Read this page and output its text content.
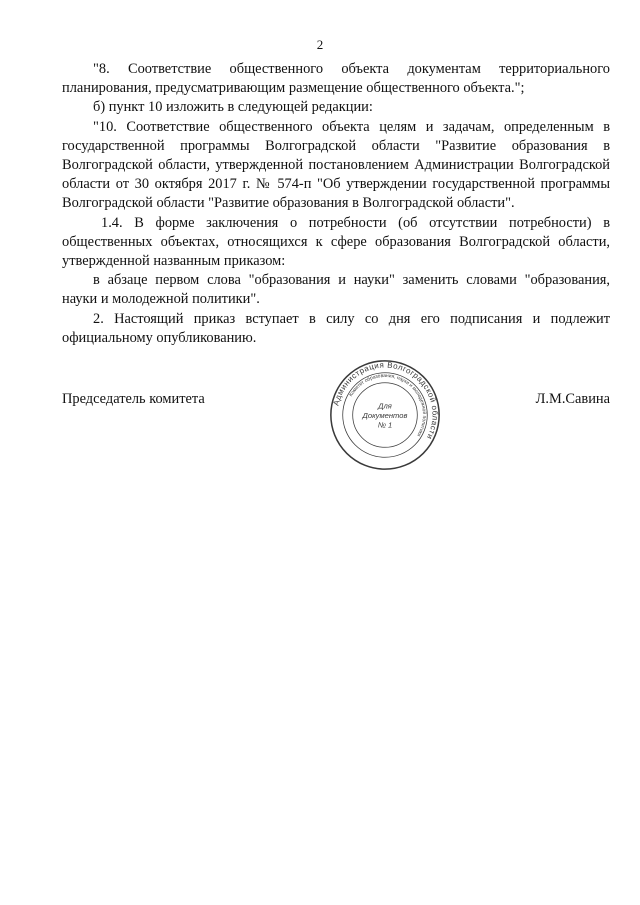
2

"8. Соответствие общественного объекта документам территориального планирования, предусматривающим размещение общественного объекта.";

б) пункт 10 изложить в следующей редакции:

"10. Соответствие общественного объекта целям и задачам, определенным в государственной программы Волгоградской области "Развитие образования в Волгоградской области, утвержденной постановлением Администрации Волгоградской области от 30 октября 2017 г. № 574-п "Об утверждении государственной программы Волгоградской области "Развитие образования в Волгоградской области".

1.4. В форме заключения о потребности (об отсутствии потребности) в общественных объектах, относящихся к сфере образования Волгоградской области, утвержденной названным приказом:

в абзаце первом слова "образования и науки" заменить словами "образования, науки и молодежной политики".

2. Настоящий приказ вступает в силу со дня его подписания и подлежит официальному опубликованию.

Председатель комитета	Л.М.Савина
Администрация Волгоградской области
Комитет образования, науки и молодежной политики
Для
Документов
№ 1
